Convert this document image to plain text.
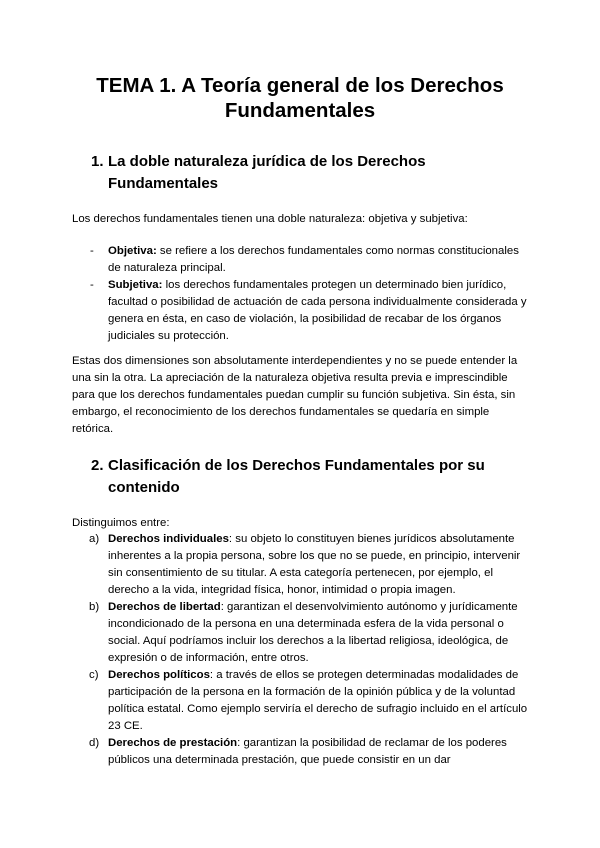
TEMA 1. A Teoría general de los Derechos Fundamentales
1. La doble naturaleza jurídica de los Derechos Fundamentales

Los derechos fundamentales tienen una doble naturaleza: objetiva y subjetiva:

- Objetiva: se refiere a los derechos fundamentales como normas constitucionales de naturaleza principal.
- Subjetiva: los derechos fundamentales protegen un determinado bien jurídico, facultad o posibilidad de actuación de cada persona individualmente considerada y genera en ésta, en caso de violación, la posibilidad de recabar de los órganos judiciales su protección.

Estas dos dimensiones son absolutamente interdependientes y no se puede entender la una sin la otra. La apreciación de la naturaleza objetiva resulta previa e imprescindible para que los derechos fundamentales puedan cumplir su función subjetiva. Sin ésta, sin embargo, el reconocimiento de los derechos fundamentales se quedaría en simple retórica.

2. Clasificación de los Derechos Fundamentales por su contenido

Distinguimos entre:

a) Derechos individuales: su objeto lo constituyen bienes jurídicos absolutamente inherentes a la propia persona, sobre los que no se puede, en principio, intervenir sin consentimiento de su titular. A esta categoría pertenecen, por ejemplo, el derecho a la vida, integridad física, honor, intimidad o propia imagen.
b) Derechos de libertad: garantizan el desenvolvimiento autónomo y jurídicamente incondicionado de la persona en una determinada esfera de la vida personal o social. Aquí podríamos incluir los derechos a la libertad religiosa, ideológica, de expresión o de información, entre otros.
c) Derechos políticos: a través de ellos se protegen determinadas modalidades de participación de la persona en la formación de la opinión pública y de la voluntad política estatal. Como ejemplo serviría el derecho de sufragio incluido en el artículo 23 CE.
d) Derechos de prestación: garantizan la posibilidad de reclamar de los poderes públicos una determinada prestación, que puede consistir en un dar
